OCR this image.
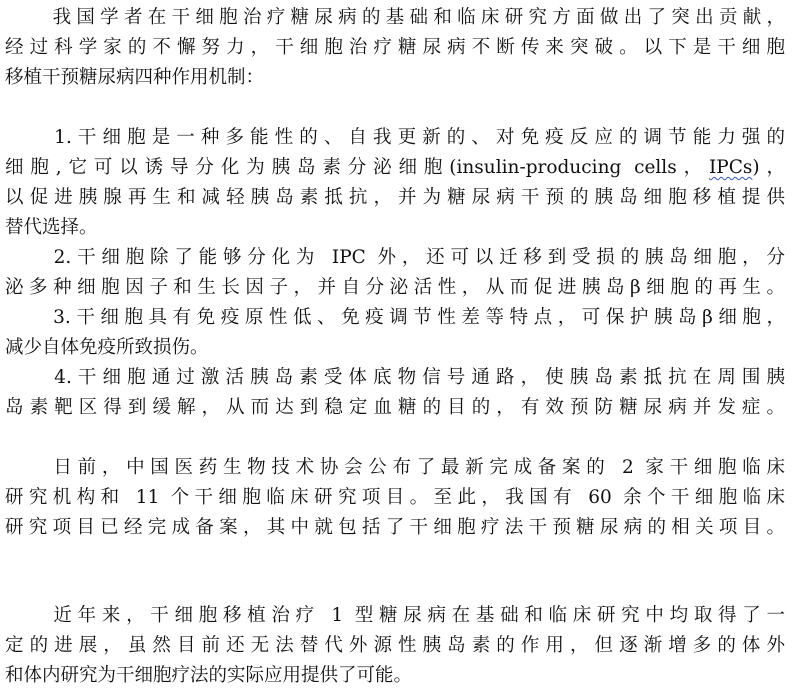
　　我国学者在干细胞治疗糖尿病的基础和临床研究方面做出了突出贡献，
经过科学家的不懈努力，干细胞治疗糖尿病不断传来突破。以下是干细胞
移植干预糖尿病四种作用机制：
　　1.干细胞是一种多能性的、自我更新的、对免疫反应的调节能力强的
细胞,它可以诱导分化为胰岛素分泌细胞(insulin-producing cells，IPCs)，
以促进胰腺再生和减轻胰岛素抵抗，并为糖尿病干预的胰岛细胞移植提供
替代选择。
　　2.干细胞除了能够分化为 IPC 外，还可以迁移到受损的胰岛细胞，分
泌多种细胞因子和生长因子，并自分泌活性，从而促进胰岛β细胞的再生。
　　3.干细胞具有免疫原性低、免疫调节性差等特点，可保护胰岛β细胞，
减少自体免疫所致损伤。
　　4.干细胞通过激活胰岛素受体底物信号通路，使胰岛素抵抗在周围胰
岛素靶区得到缓解，从而达到稳定血糖的目的，有效预防糖尿病并发症。
　　日前，中国医药生物技术协会公布了最新完成备案的 2 家干细胞临床
研究机构和 11 个干细胞临床研究项目。至此，我国有 60 余个干细胞临床
研究项目已经完成备案，其中就包括了干细胞疗法干预糖尿病的相关项目。
　　近年来，干细胞移植治疗 1 型糖尿病在基础和临床研究中均取得了一
定的进展，虽然目前还无法替代外源性胰岛素的作用，但逐渐增多的体外
和体内研究为干细胞疗法的实际应用提供了可能。
